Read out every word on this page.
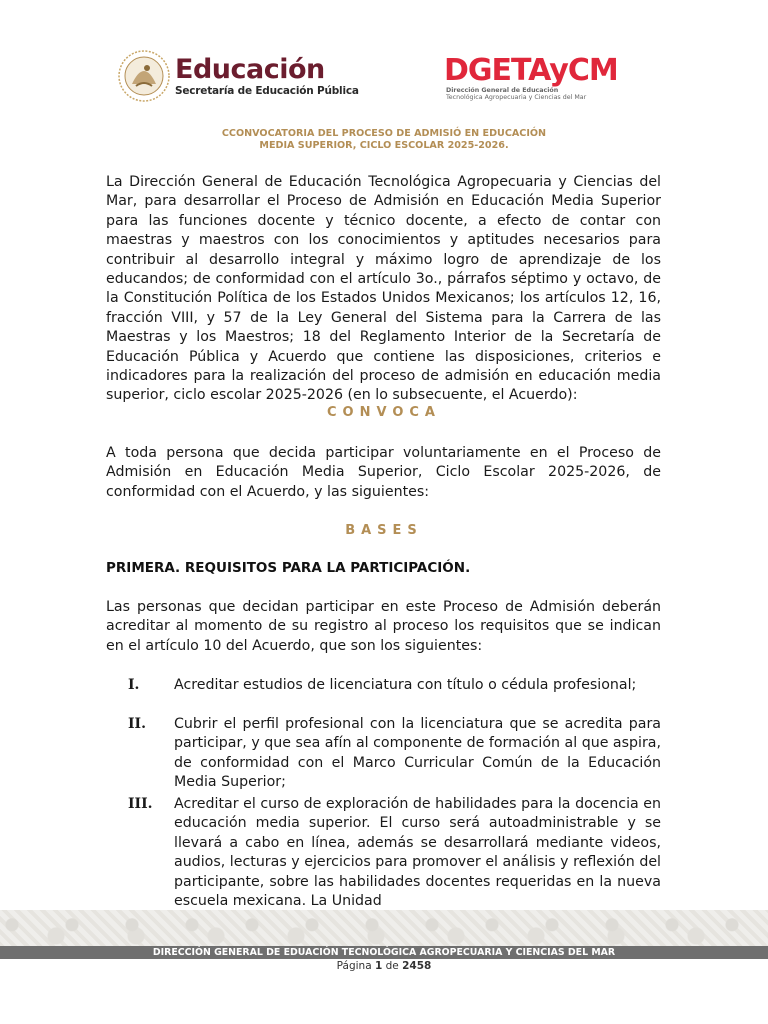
Educación
Secretaría de Educación Pública
DGETAyCM
Dirección General de Educación
Tecnológica Agropecuaria y Ciencias del Mar
CCONVOCATORIA DEL PROCESO DE ADMISIÓ EN EDUCACIÓN
MEDIA SUPERIOR, CICLO ESCOLAR 2025-2026.
La Dirección General de Educación Tecnológica Agropecuaria y Ciencias del Mar, para desarrollar el Proceso de Admisión en Educación Media Superior para las funciones docente y técnico docente, a efecto de contar con maestras y maestros con los conocimientos y aptitudes necesarios para contribuir al desarrollo integral y máximo logro de aprendizaje de los educandos; de conformidad con el artículo 3o., párrafos séptimo y octavo, de la Constitución Política de los Estados Unidos Mexicanos; los artículos 12, 16, fracción VIII, y 57 de la Ley General del Sistema para la Carrera de las Maestras y los Maestros; 18 del Reglamento Interior de la Secretaría de Educación Pública y Acuerdo que contiene las disposiciones, criterios e indicadores para la realización del proceso de admisión en educación media superior, ciclo escolar 2025-2026 (en lo subsecuente, el Acuerdo):
CONVOCA
A toda persona que decida participar voluntariamente en el Proceso de Admisión en Educación Media Superior, Ciclo Escolar 2025-2026, de conformidad con el Acuerdo, y las siguientes:
BASES
PRIMERA. REQUISITOS PARA LA PARTICIPACIÓN.
Las personas que decidan participar en este Proceso de Admisión deberán acreditar al momento de su registro al proceso los requisitos que se indican en el artículo 10 del Acuerdo, que son los siguientes:
I. Acreditar estudios de licenciatura con título o cédula profesional;
II. Cubrir el perfil profesional con la licenciatura que se acredita para participar, y que sea afín al componente de formación al que aspira, de conformidad con el Marco Curricular Común de la Educación Media Superior;
III. Acreditar el curso de exploración de habilidades para la docencia en educación media superior. El curso será autoadministrable y se llevará a cabo en línea, además se desarrollará mediante videos, audios, lecturas y ejercicios para promover el análisis y reflexión del participante, sobre las habilidades docentes requeridas en la nueva escuela mexicana. La Unidad
DIRECCIÓN GENERAL DE EDUACIÓN TECNOLÓGICA AGROPECUARIA Y CIENCIAS DEL MAR
Página 1 de 2458
